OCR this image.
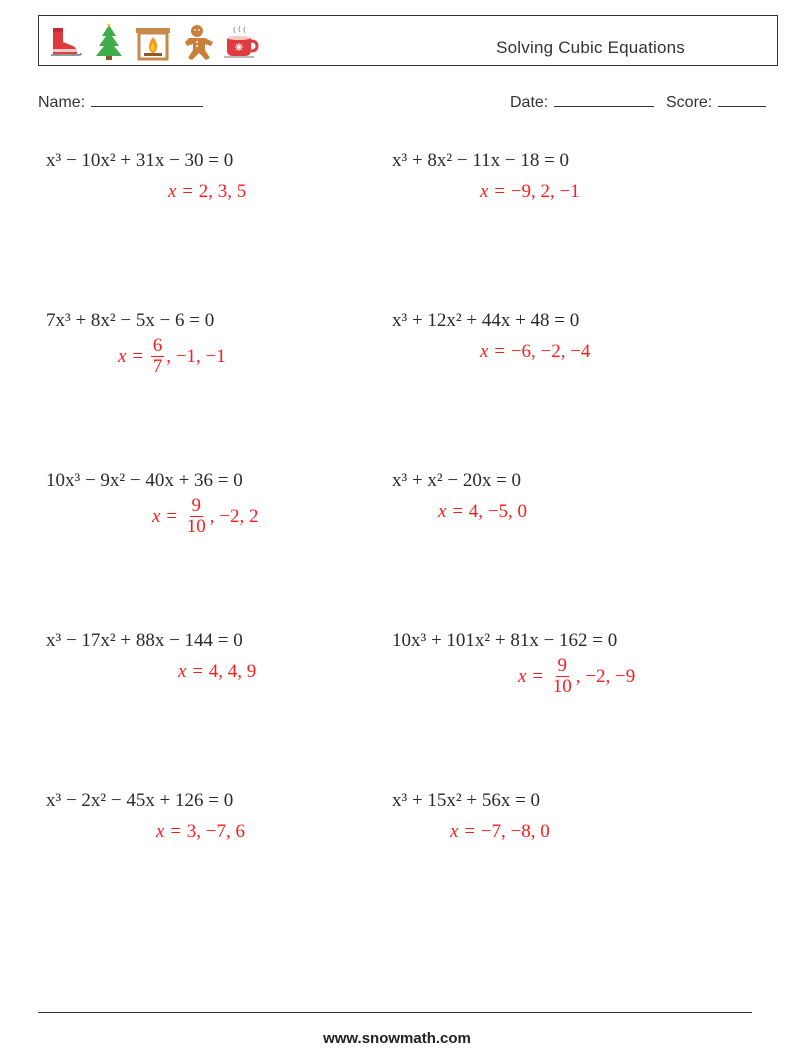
Solving Cubic Equations
Name:	Date:	Score:
x³ − 10x² + 31x − 30 = 0
x =
2, 3, 5
x³ + 8x² − 11x − 18 = 0
x =
−9, 2, −1
7x³ + 8x² − 5x − 6 = 0
x =
$\frac{6}{7}$ , −1, −1
x³ + 12x² + 44x + 48 = 0
x =
−6, −2, −4
10x³ − 9x² − 40x + 36 = 0
x =
$\frac{9}{10}$ , −2, 2
x³ + x² − 20x = 0
x =
4, −5, 0
x³ − 17x² + 88x − 144 = 0
x =
4, 4, 9
10x³ + 101x² + 81x − 162 = 0
x =
$\frac{9}{10}$ , −2, −9
x³ − 2x² − 45x + 126 = 0
x =
3, −7, 6
x³ + 15x² + 56x = 0
x =
−7, −8, 0
www.snowmath.com
